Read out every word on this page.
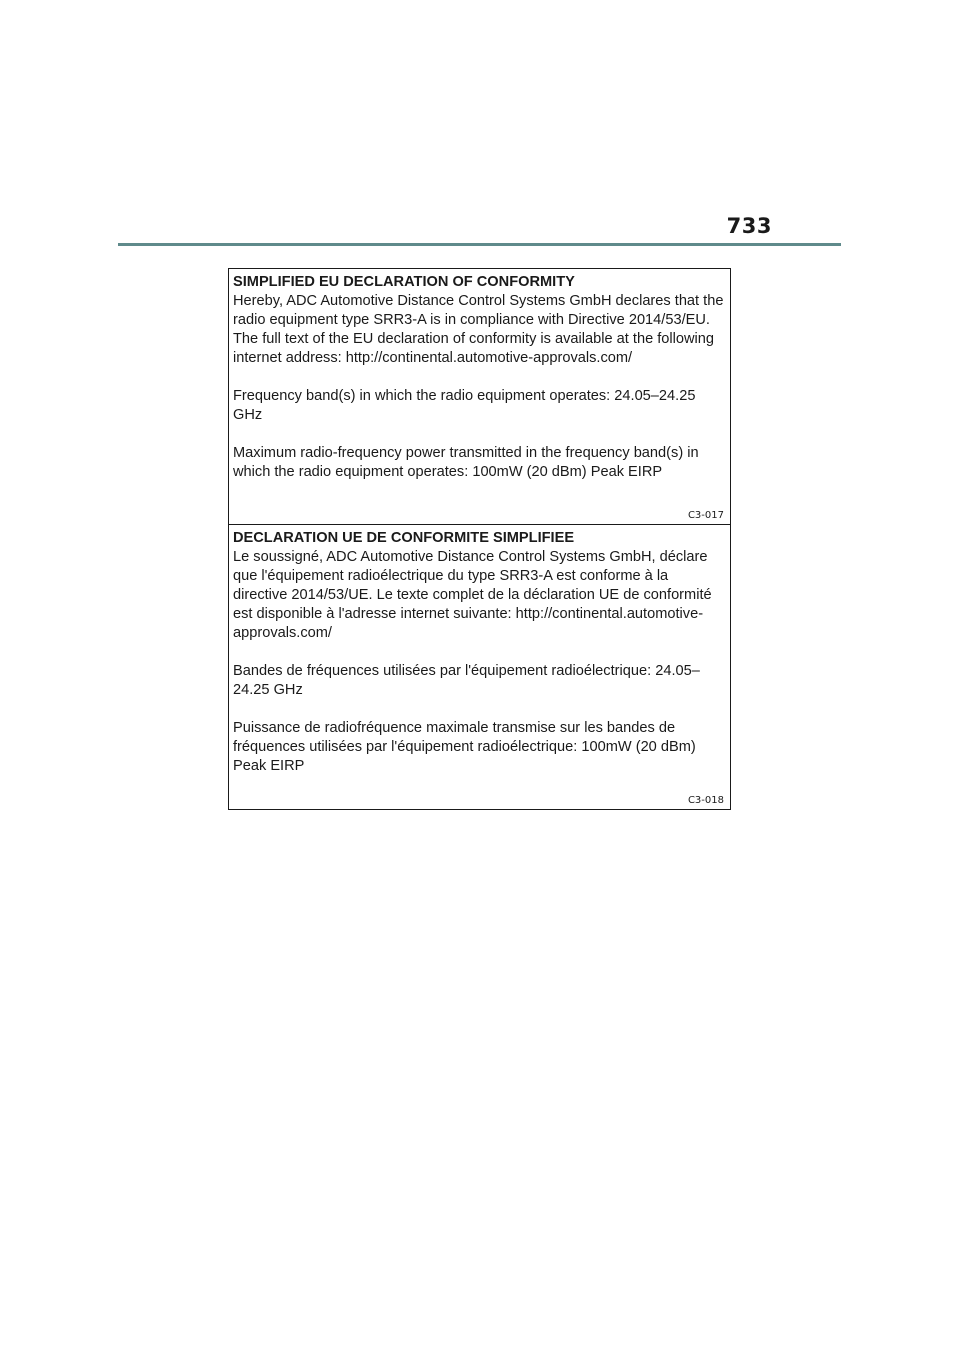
733

SIMPLIFIED EU DECLARATION OF CONFORMITY

Hereby, ADC Automotive Distance Control Systems GmbH declares that the radio equipment type SRR3-A is in compliance with Directive 2014/53/EU. The full text of the EU declaration of conformity is available at the following internet address: http://continental.automotive-approvals.com/

Frequency band(s) in which the radio equipment operates: 24.05–24.25 GHz

Maximum radio-frequency power transmitted in the frequency band(s) in which the radio equipment operates: 100mW (20 dBm) Peak EIRP

C3-017

DECLARATION UE DE CONFORMITE SIMPLIFIEE

Le soussigné, ADC Automotive Distance Control Systems GmbH, déclare que l'équipement radioélectrique du type SRR3-A est conforme à la directive 2014/53/UE. Le texte complet de la déclaration UE de conformité est disponible à l'adresse internet suivante: http://continental.automotive-approvals.com/

Bandes de fréquences utilisées par l'équipement radioélectrique: 24.05–24.25 GHz

Puissance de radiofréquence maximale transmise sur les bandes de fréquences utilisées par l'équipement radioélectrique: 100mW (20 dBm) Peak EIRP

C3-018
